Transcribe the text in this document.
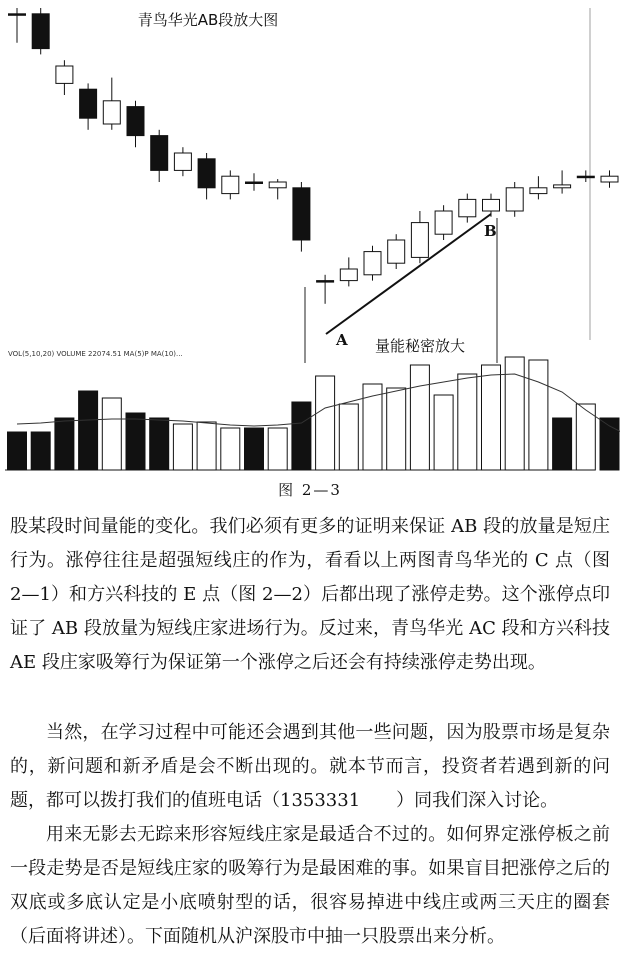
青鸟华光AB段放大图
A
B
量能秘密放大
VOL(5,10,20) VOLUME 22074.51 MA(5)P MA(10)...
图 2—3

股某段时间量能的变化。我们必须有更多的证明来保证 AB 段的放量是短庄行为。涨停往往是超强短线庄的作为，看看以上两图青鸟华光的 C 点（图 2—1）和方兴科技的 E 点（图 2—2）后都出现了涨停走势。这个涨停点印证了 AB 段放量为短线庄家进场行为。反过来，青鸟华光 AC 段和方兴科技 AE 段庄家吸筹行为保证第一个涨停之后还会有持续涨停走势出现。

当然，在学习过程中可能还会遇到其他一些问题，因为股票市场是复杂的，新问题和新矛盾是会不断出现的。就本节而言，投资者若遇到新的问题，都可以拨打我们的值班电话（1353331　　）同我们深入讨论。

用来无影去无踪来形容短线庄家是最适合不过的。如何界定涨停板之前一段走势是否是短线庄家的吸筹行为是最困难的事。如果盲目把涨停之后的双底或多底认定是小底喷射型的话，很容易掉进中线庄或两三天庄的圈套（后面将讲述）。下面随机从沪深股市中抽一只股票出来分析。
